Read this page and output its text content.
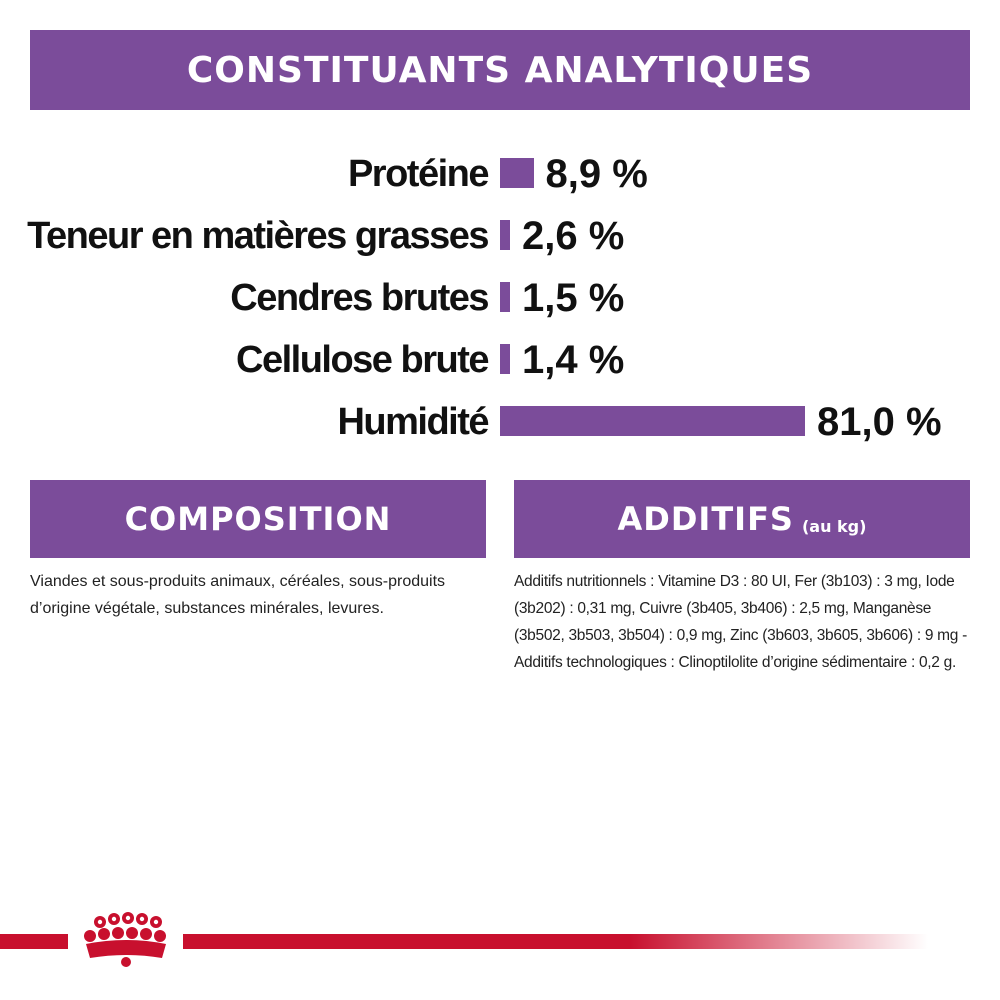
CONSTITUANTS ANALYTIQUES
Protéine 8,9 %
Teneur en matières grasses 2,6 %
Cendres brutes 1,5 %
Cellulose brute 1,4 %
Humidité	81,0 %
COMPOSITION	ADDITIFS (au kg)
Viandes et sous-produits animaux, céréales, sous-produits d’origine végétale, substances minérales, levures.
Additifs nutritionnels : Vitamine D3 : 80 UI, Fer (3b103) : 3 mg, Iode (3b202) : 0,31 mg, Cuivre (3b405, 3b406) : 2,5 mg, Manganèse (3b502, 3b503, 3b504) : 0,9 mg, Zinc (3b603, 3b605, 3b606) : 9 mg - Additifs technologiques : Clinoptilolite d’origine sédimentaire : 0,2 g.
